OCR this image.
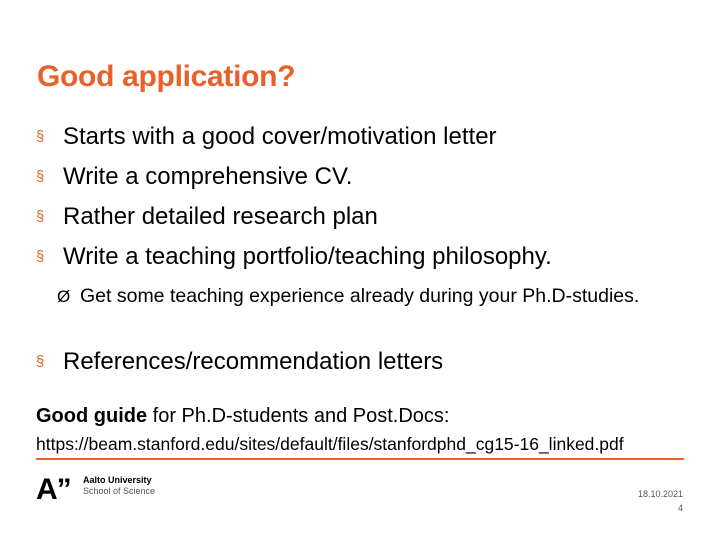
Good application?
§ Starts with a good cover/motivation letter
§ Write a comprehensive CV.
§ Rather detailed research plan
§ Write a teaching portfolio/teaching philosophy.
Ø Get some teaching experience already during your Ph.D-studies.
§ References/recommendation letters
Good guide for Ph.D-students and Post.Docs:
https://beam.stanford.edu/sites/default/files/stanfordphd_cg15-16_linked.pdf
A” Aalto University
School of Science	18.10.2021
4
